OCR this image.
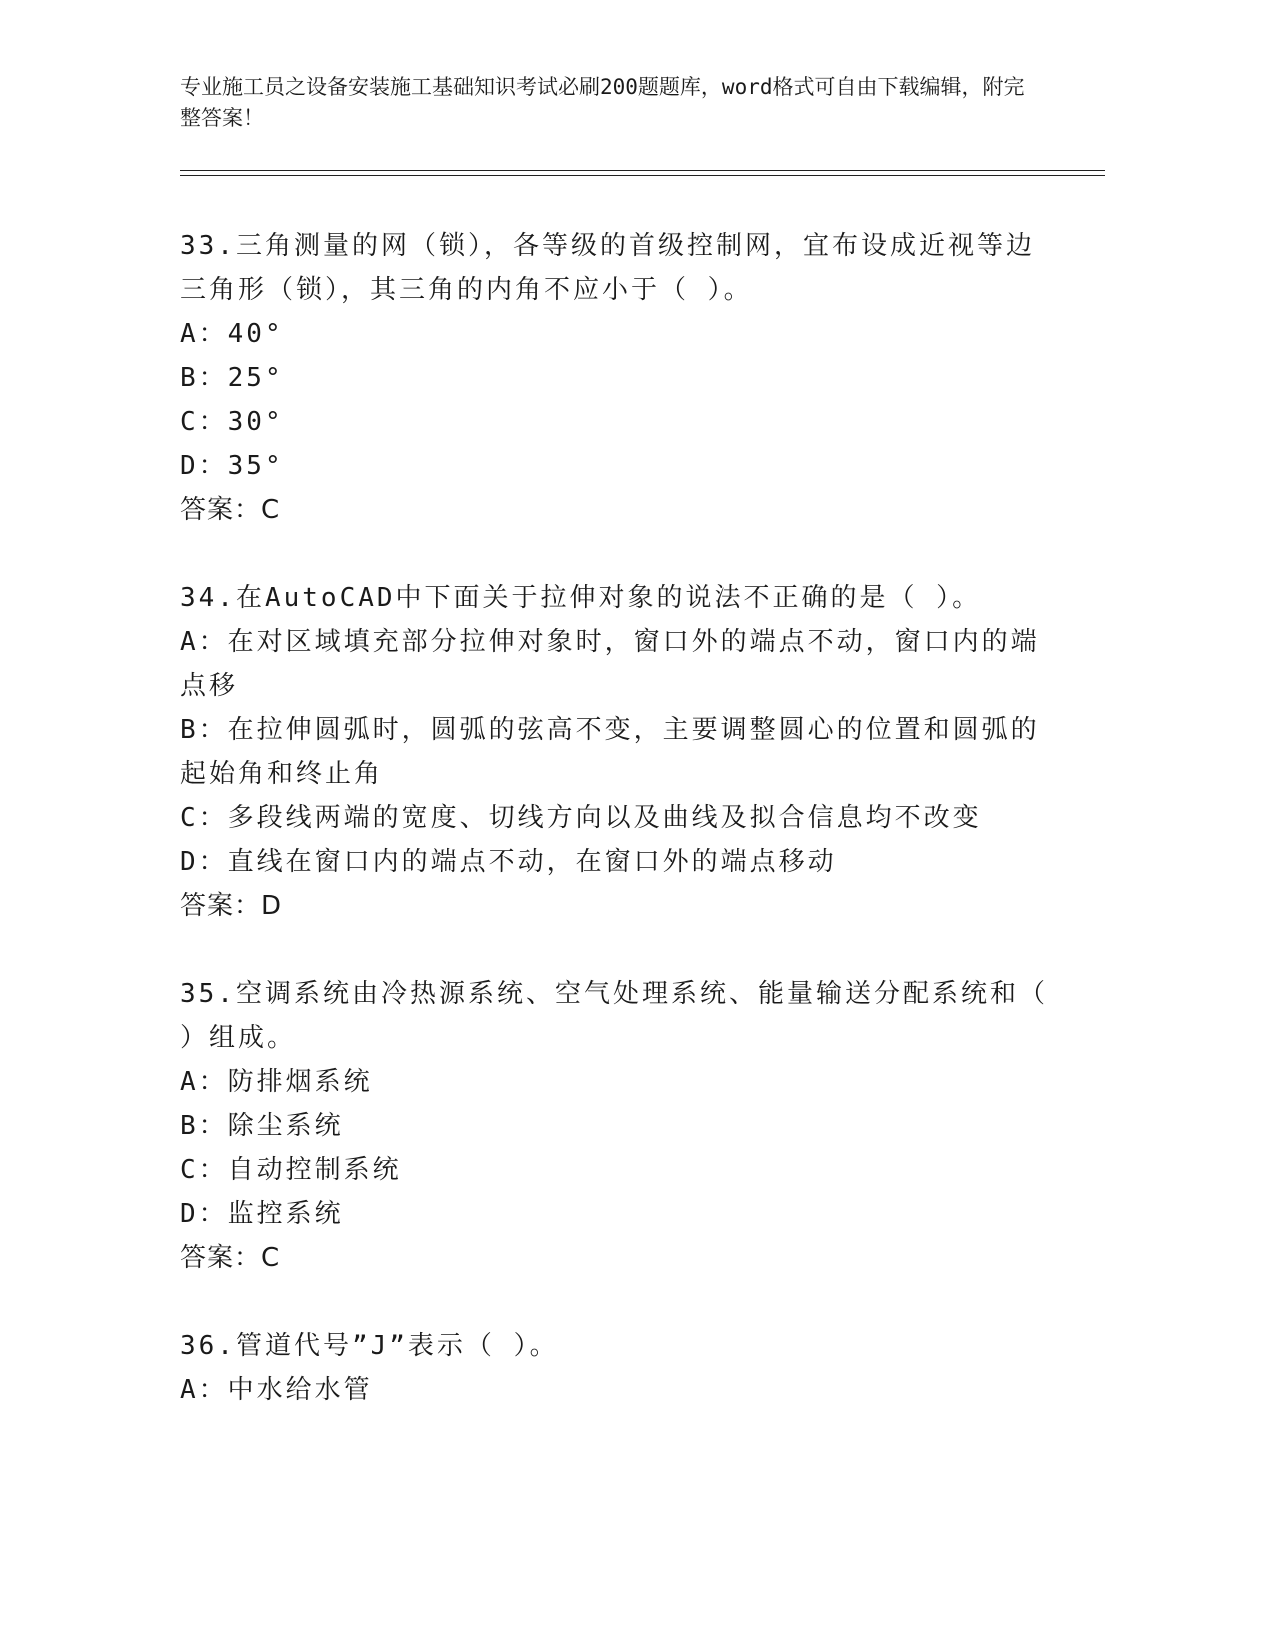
专业施工员之设备安装施工基础知识考试必刷200题题库，word格式可自由下载编辑，附完整答案！

33.三角测量的网（锁），各等级的首级控制网，宜布设成近视等边三角形（锁），其三角的内角不应小于（ ）。

A：40°

B：25°

C：30°

D：35°

答案：C

34.在AutoCAD中下面关于拉伸对象的说法不正确的是（ ）。

A：在对区域填充部分拉伸对象时，窗口外的端点不动，窗口内的端点移

B：在拉伸圆弧时，圆弧的弦高不变，主要调整圆心的位置和圆弧的起始角和终止角

C：多段线两端的宽度、切线方向以及曲线及拟合信息均不改变

D：直线在窗口内的端点不动，在窗口外的端点移动

答案：D

35.空调系统由冷热源系统、空气处理系统、能量输送分配系统和（ ）组成。

A：防排烟系统

B：除尘系统

C：自动控制系统

D：监控系统

答案：C

36.管道代号”J”表示（ ）。

A：中水给水管
